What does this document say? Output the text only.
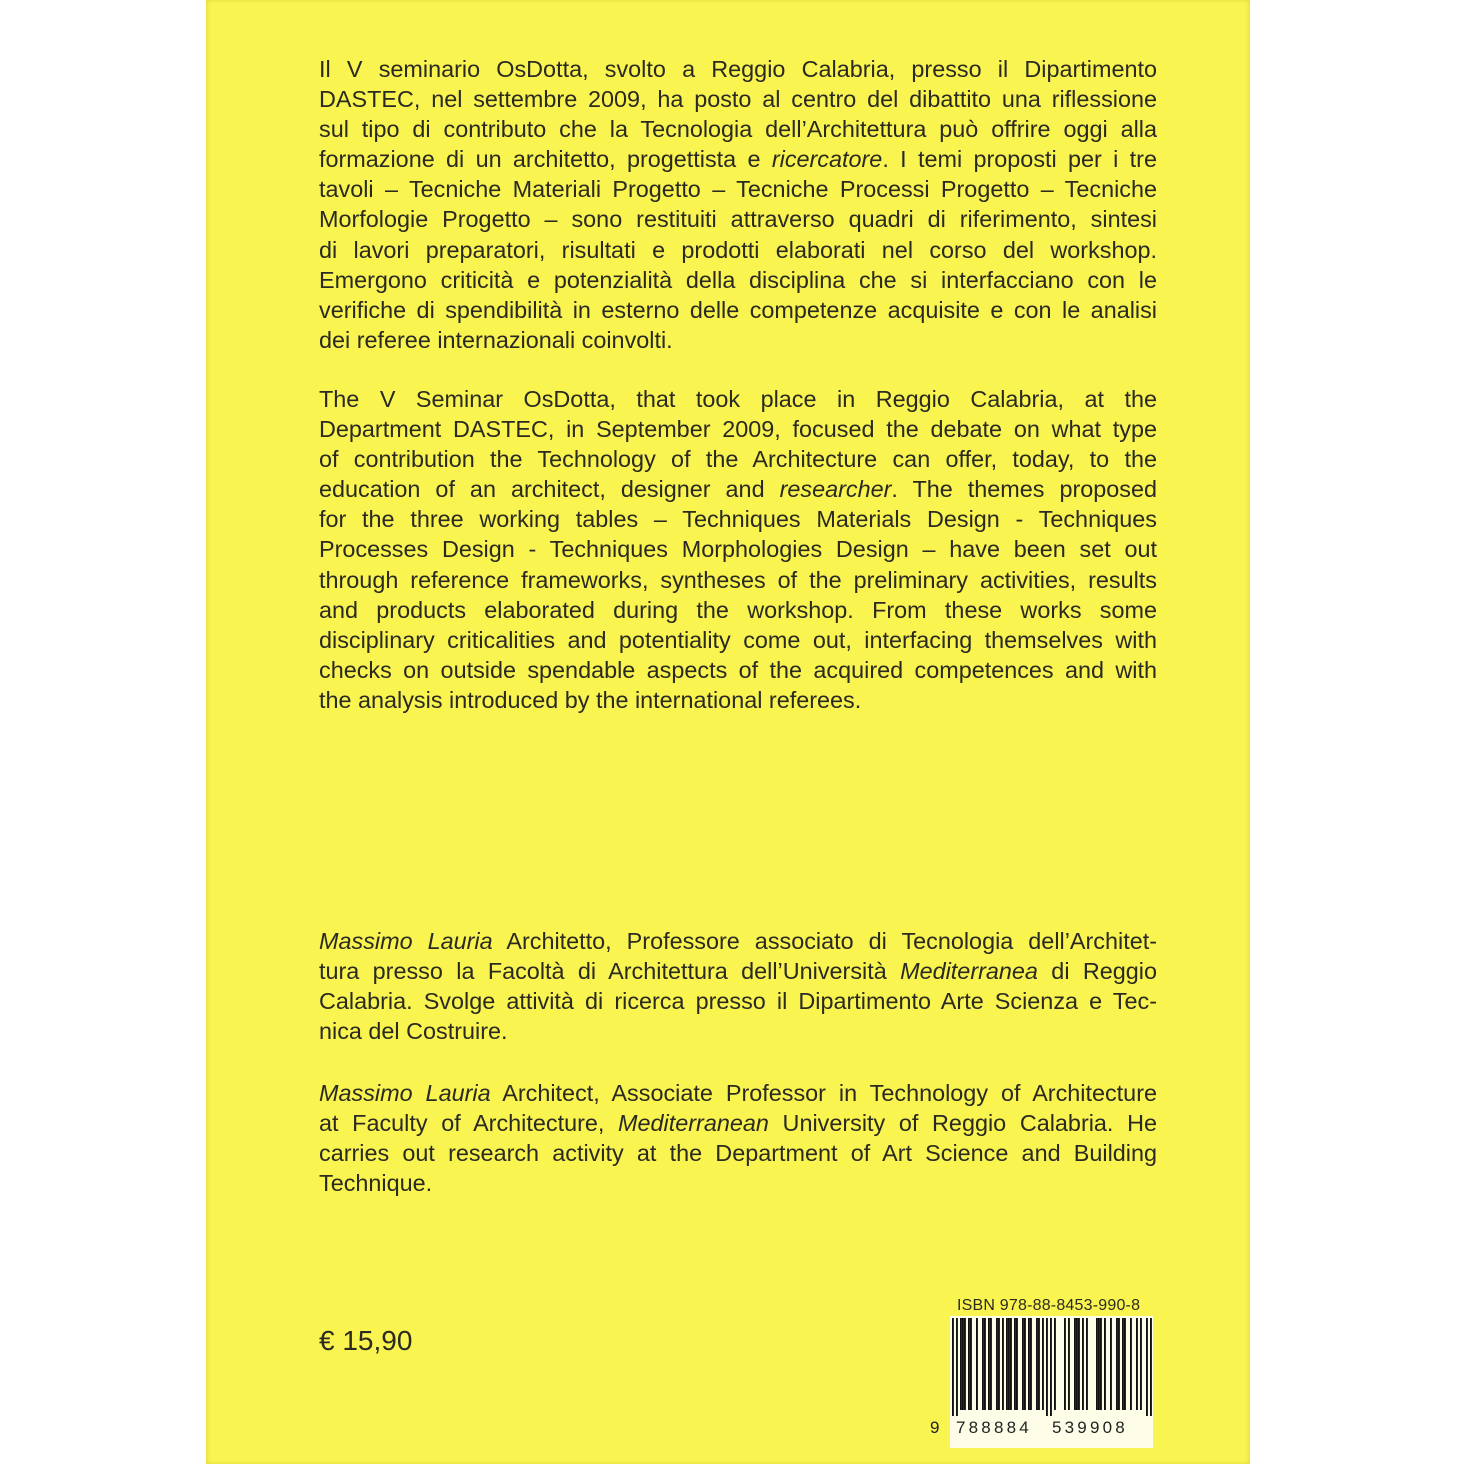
Il V seminario OsDotta, svolto a Reggio Calabria, presso il Dipartimento
DASTEC, nel settembre 2009, ha posto al centro del dibattito una riflessione
sul tipo di contributo che la Tecnologia dell’Architettura può offrire oggi alla
formazione di un architetto, progettista e ricercatore. I temi proposti per i tre
tavoli – Tecniche Materiali Progetto – Tecniche Processi Progetto – Tecniche
Morfologie Progetto – sono restituiti attraverso quadri di riferimento, sintesi
di lavori preparatori, risultati e prodotti elaborati nel corso del workshop.
Emergono criticità e potenzialità della disciplina che si interfacciano con le
verifiche di spendibilità in esterno delle competenze acquisite e con le analisi
dei referee internazionali coinvolti.
The V Seminar OsDotta, that took place in Reggio Calabria, at the
Department DASTEC, in September 2009, focused the debate on what type
of contribution the Technology of the Architecture can offer, today, to the
education of an architect, designer and researcher. The themes proposed
for the three working tables – Techniques Materials Design - Techniques
Processes Design - Techniques Morphologies Design – have been set out
through reference frameworks, syntheses of the preliminary activities, results
and products elaborated during the workshop. From these works some
disciplinary criticalities and potentiality come out, interfacing themselves with
checks on outside spendable aspects of the acquired competences and with
the analysis introduced by the international referees.
Massimo Lauria Architetto, Professore associato di Tecnologia dell’Architet-
tura presso la Facoltà di Architettura dell’Università Mediterranea di Reggio
Calabria. Svolge attività di ricerca presso il Dipartimento Arte Scienza e Tec-
nica del Costruire.
Massimo Lauria Architect, Associate Professor in Technology of Architecture
at Faculty of Architecture, Mediterranean University of Reggio Calabria. He
carries out research activity at the Department of Art Science and Building
Technique.
€ 15,90
ISBN 978-88-8453-990-8
9 788884 539908
